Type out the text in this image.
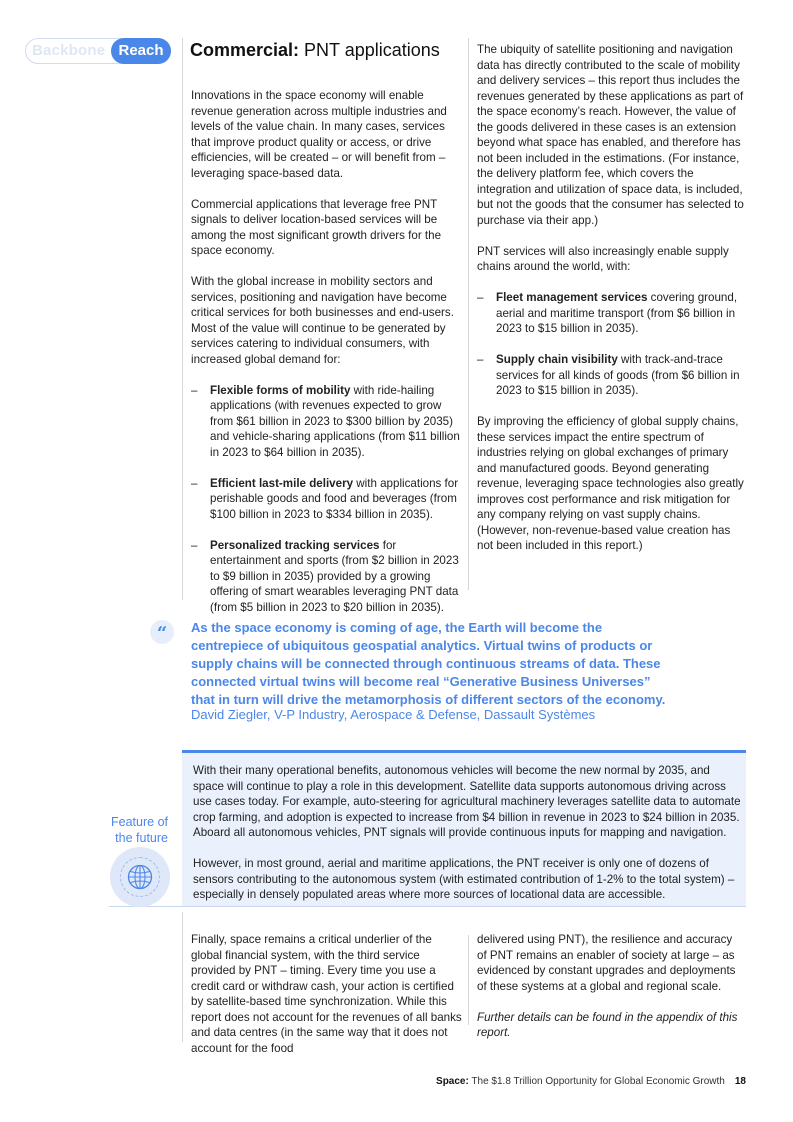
Backbone Reach	Commercial: PNT applications

Innovations in the space economy will enable revenue generation across multiple industries and levels of the value chain. In many cases, services that improve product quality or access, or drive efficiencies, will be created – or will benefit from – leveraging space-based data.

Commercial applications that leverage free PNT signals to deliver location-based services will be among the most significant growth drivers for the space economy.

With the global increase in mobility sectors and services, positioning and navigation have become critical services for both businesses and end-users. Most of the value will continue to be generated by services catering to individual consumers, with increased global demand for:

– Flexible forms of mobility with ride-hailing applications (with revenues expected to grow from $61 billion in 2023 to $300 billion by 2035) and vehicle-sharing applications (from $11 billion in 2023 to $64 billion in 2035).
– Efficient last-mile delivery with applications for perishable goods and food and beverages (from $100 billion in 2023 to $334 billion in 2035).
– Personalized tracking services for entertainment and sports (from $2 billion in 2023 to $9 billion in 2035) provided by a growing offering of smart wearables leveraging PNT data (from $5 billion in 2023 to $20 billion in 2035).

The ubiquity of satellite positioning and navigation data has directly contributed to the scale of mobility and delivery services – this report thus includes the revenues generated by these applications as part of the space economy’s reach. However, the value of the goods delivered in these cases is an extension beyond what space has enabled, and therefore has not been included in the estimations. (For instance, the delivery platform fee, which covers the integration and utilization of space data, is included, but not the goods that the consumer has selected to purchase via their app.)

PNT services will also increasingly enable supply chains around the world, with:

– Fleet management services covering ground, aerial and maritime transport (from $6 billion in 2023 to $15 billion in 2035).
– Supply chain visibility with track-and-trace services for all kinds of goods (from $6 billion in 2023 to $15 billion in 2035).

By improving the efficiency of global supply chains, these services impact the entire spectrum of industries relying on global exchanges of primary and manufactured goods. Beyond generating revenue, leveraging space technologies also greatly improves cost performance and risk mitigation for any company relying on vast supply chains. (However, non-revenue-based value creation has not been included in this report.)

“	As the space economy is coming of age, the Earth will become the
centrepiece of ubiquitous geospatial analytics. Virtual twins of products or
supply chains will be connected through continuous streams of data. These
connected virtual twins will become real “Generative Business Universes”
that in turn will drive the metamorphosis of different sectors of the economy.
David Ziegler, V-P Industry, Aerospace & Defense, Dassault Systèmes
Feature of
the future

With their many operational benefits, autonomous vehicles will become the new normal by 2035, and space will continue to play a role in this development. Satellite data supports autonomous driving across use cases today. For example, auto-steering for agricultural machinery leverages satellite data to automate crop farming, and adoption is expected to increase from $4 billion in revenue in 2023 to $24 billion in 2035. Aboard all autonomous vehicles, PNT signals will provide continuous inputs for mapping and navigation.

However, in most ground, aerial and maritime applications, the PNT receiver is only one of dozens of sensors contributing to the autonomous system (with estimated contribution of 1-2% to the total system) – especially in densely populated areas where more sources of locational data are accessible.

Finally, space remains a critical underlier of the global financial system, with the third service provided by PNT – timing. Every time you use a credit card or withdraw cash, your action is certified by satellite-based time synchronization. While this report does not account for the revenues of all banks and data centres (in the same way that it does not account for the food

delivered using PNT), the resilience and accuracy of PNT remains an enabler of society at large – as evidenced by constant upgrades and deployments of these systems at a global and regional scale.

Further details can be found in the appendix of this report.

Space: The $1.8 Trillion Opportunity for Global Economic Growth 18
